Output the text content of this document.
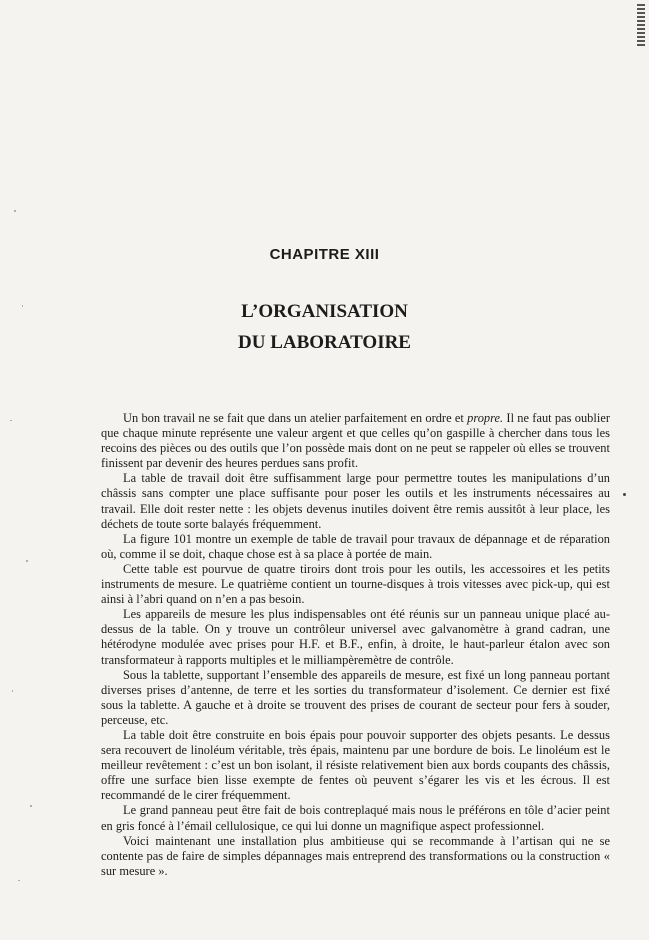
CHAPITRE XIII
L’ORGANISATION
DU LABORATOIRE

Un bon travail ne se fait que dans un atelier parfaitement en ordre et propre. Il ne faut pas oublier que chaque minute représente une valeur argent et que celles qu’on gaspille à chercher dans tous les recoins des pièces ou des outils que l’on possède mais dont on ne peut se rappeler où elles se trouvent finissent par devenir des heures perdues sans profit.

La table de travail doit être suffisamment large pour permettre toutes les manipulations d’un châssis sans compter une place suffisante pour poser les outils et les instruments nécessaires au travail. Elle doit rester nette : les objets devenus inutiles doivent être remis aussitôt à leur place, les déchets de toute sorte balayés fréquemment.

La figure 101 montre un exemple de table de travail pour travaux de dépannage et de réparation où, comme il se doit, chaque chose est à sa place à portée de main.

Cette table est pourvue de quatre tiroirs dont trois pour les outils, les accessoires et les petits instruments de mesure. Le quatrième contient un tourne-disques à trois vitesses avec pick-up, qui est ainsi à l’abri quand on n’en a pas besoin.

Les appareils de mesure les plus indispensables ont été réunis sur un panneau unique placé au-dessus de la table. On y trouve un contrôleur universel avec galvanomètre à grand cadran, une hétérodyne modulée avec prises pour H.F. et B.F., enfin, à droite, le haut-parleur étalon avec son transformateur à rapports multiples et le milliampèremètre de contrôle.

Sous la tablette, supportant l’ensemble des appareils de mesure, est fixé un long panneau portant diverses prises d’antenne, de terre et les sorties du transformateur d’isolement. Ce dernier est fixé sous la tablette. A gauche et à droite se trouvent des prises de courant de secteur pour fers à souder, perceuse, etc.

La table doit être construite en bois épais pour pouvoir supporter des objets pesants. Le dessus sera recouvert de linoléum véritable, très épais, maintenu par une bordure de bois. Le linoléum est le meilleur revêtement : c’est un bon isolant, il résiste relativement bien aux bords coupants des châssis, offre une surface bien lisse exempte de fentes où peuvent s’égarer les vis et les écrous. Il est recommandé de le cirer fréquemment.

Le grand panneau peut être fait de bois contreplaqué mais nous le préférons en tôle d’acier peint en gris foncé à l’émail cellulosique, ce qui lui donne un magnifique aspect professionnel.

Voici maintenant une installation plus ambitieuse qui se recommande à l’artisan qui ne se contente pas de faire de simples dépannages mais entreprend des transformations ou la construction « sur mesure ».
